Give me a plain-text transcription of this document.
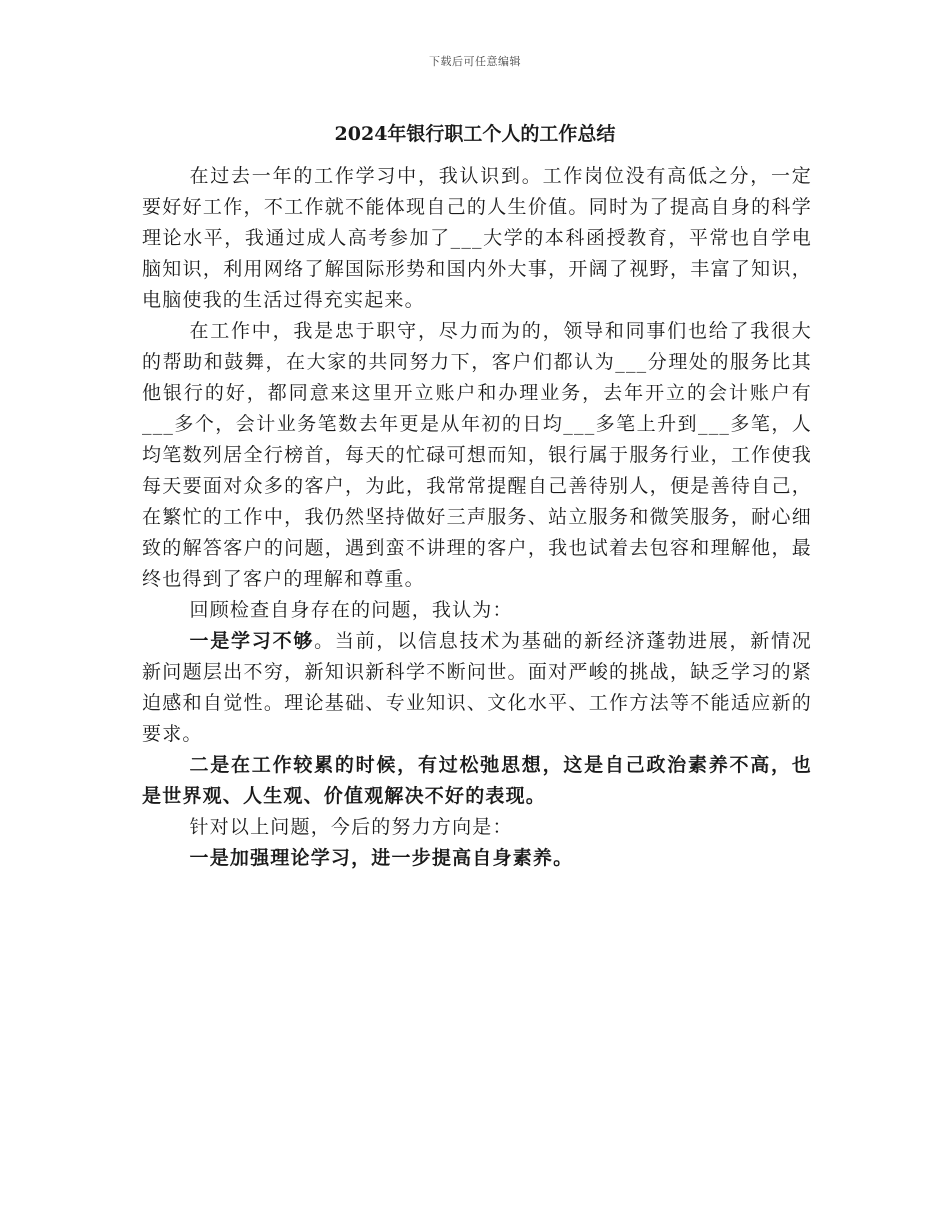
下载后可任意编辑
2024年银行职工个人的工作总结

在过去一年的工作学习中，我认识到。工作岗位没有高低之分，一定要好好工作，不工作就不能体现自己的人生价值。同时为了提高自身的科学理论水平，我通过成人高考参加了___大学的本科函授教育，平常也自学电脑知识，利用网络了解国际形势和国内外大事，开阔了视野，丰富了知识，电脑使我的生活过得充实起来。

在工作中，我是忠于职守，尽力而为的，领导和同事们也给了我很大的帮助和鼓舞，在大家的共同努力下，客户们都认为___分理处的服务比其他银行的好，都同意来这里开立账户和办理业务，去年开立的会计账户有___多个，会计业务笔数去年更是从年初的日均___多笔上升到___多笔，人均笔数列居全行榜首，每天的忙碌可想而知，银行属于服务行业，工作使我每天要面对众多的客户，为此，我常常提醒自己善待别人，便是善待自己，在繁忙的工作中，我仍然坚持做好三声服务、站立服务和微笑服务，耐心细致的解答客户的问题，遇到蛮不讲理的客户，我也试着去包容和理解他，最终也得到了客户的理解和尊重。

回顾检查自身存在的问题，我认为：

一是学习不够。当前，以信息技术为基础的新经济蓬勃进展，新情况新问题层出不穷，新知识新科学不断问世。面对严峻的挑战，缺乏学习的紧迫感和自觉性。理论基础、专业知识、文化水平、工作方法等不能适应新的要求。

二是在工作较累的时候，有过松弛思想，这是自己政治素养不高，也是世界观、人生观、价值观解决不好的表现。

针对以上问题，今后的努力方向是：

一是加强理论学习，进一步提高自身素养。
